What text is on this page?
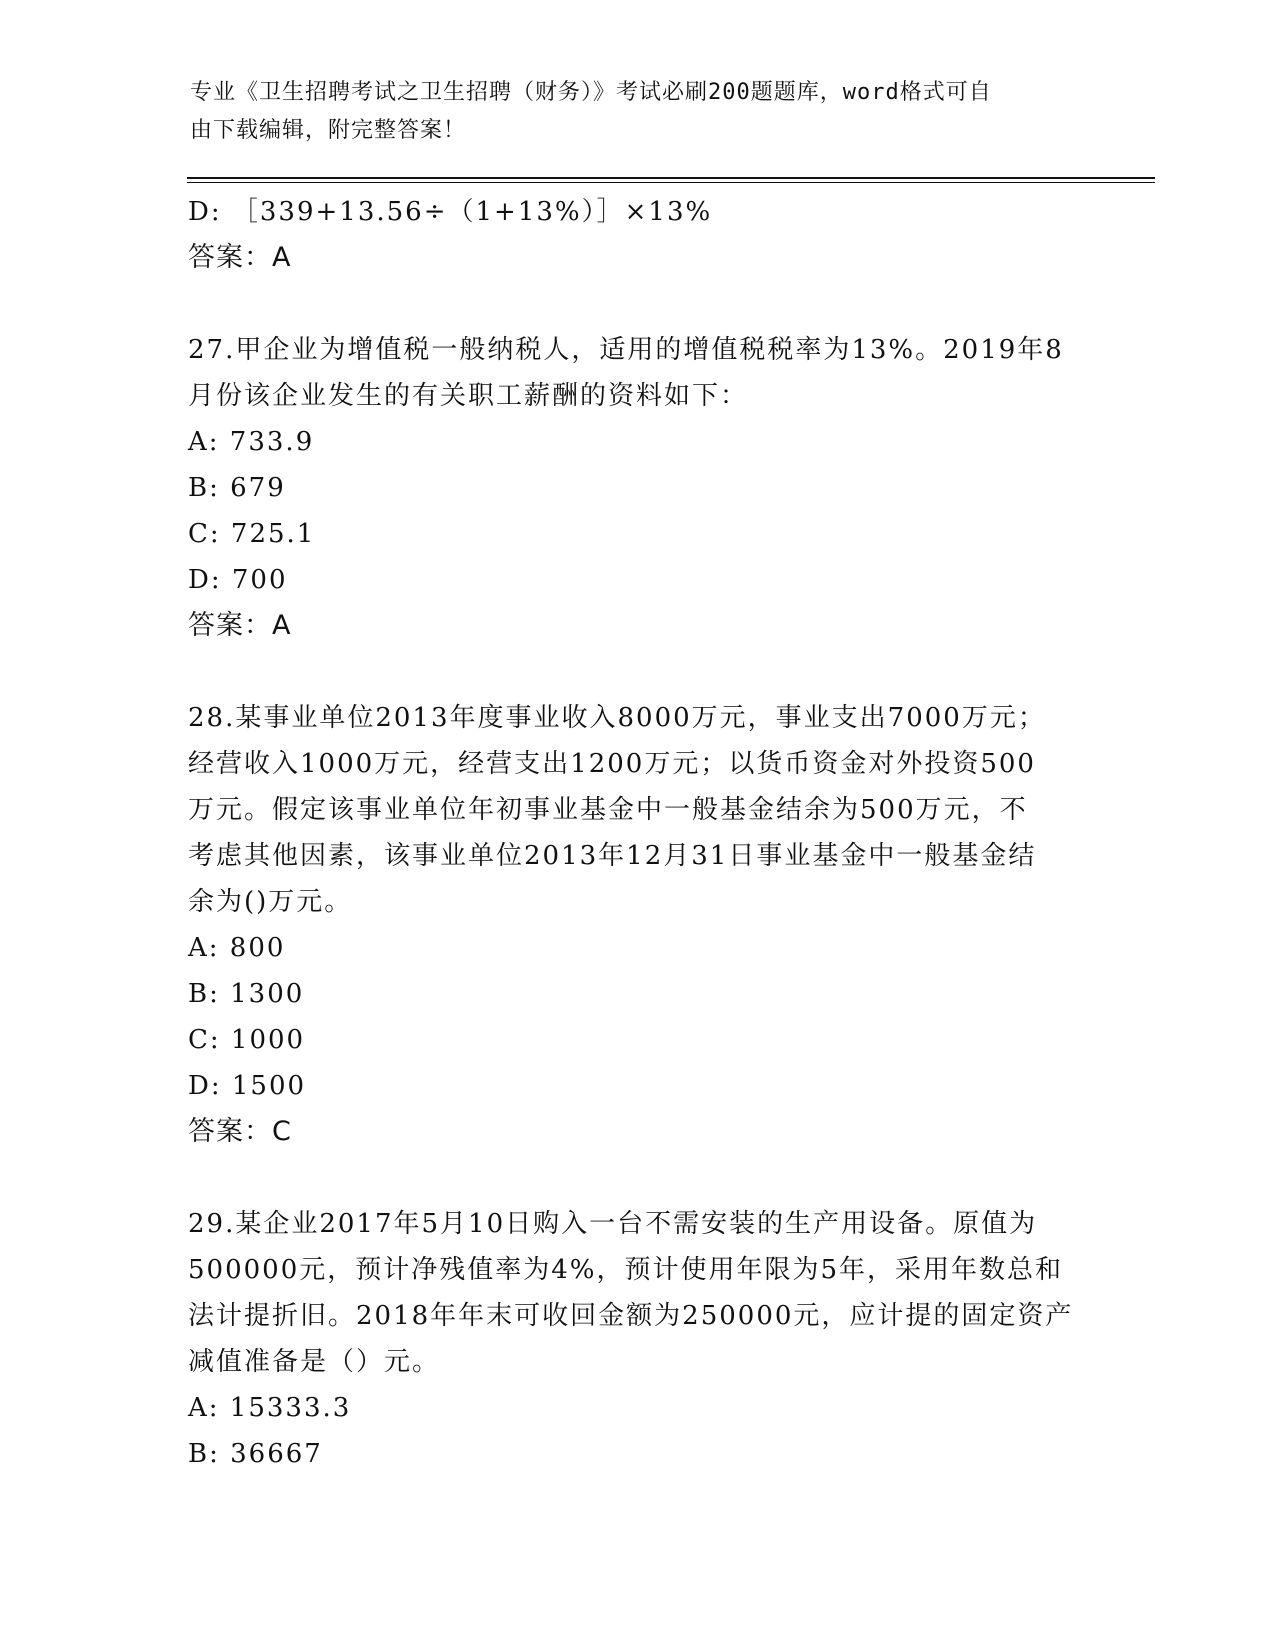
专业《卫生招聘考试之卫生招聘（财务）》考试必刷200题题库，word格式可自
由下载编辑，附完整答案！
D: ［339+13.56÷（1+13%）］×13%
答案：A
27.甲企业为增值税一般纳税人，适用的增值税税率为13%。2019年8
月份该企业发生的有关职工薪酬的资料如下：
A: 733.9
B: 679
C: 725.1
D: 700
答案：A
28.某事业单位2013年度事业收入8000万元，事业支出7000万元；
经营收入1000万元，经营支出1200万元；以货币资金对外投资500
万元。假定该事业单位年初事业基金中一般基金结余为500万元，不
考虑其他因素，该事业单位2013年12月31日事业基金中一般基金结
余为()万元。
A: 800
B: 1300
C: 1000
D: 1500
答案：C
29.某企业2017年5月10日购入一台不需安装的生产用设备。原值为
500000元，预计净残值率为4%，预计使用年限为5年，采用年数总和
法计提折旧。2018年年末可收回金额为250000元，应计提的固定资产
减值准备是（）元。
A: 15333.3
B: 36667
